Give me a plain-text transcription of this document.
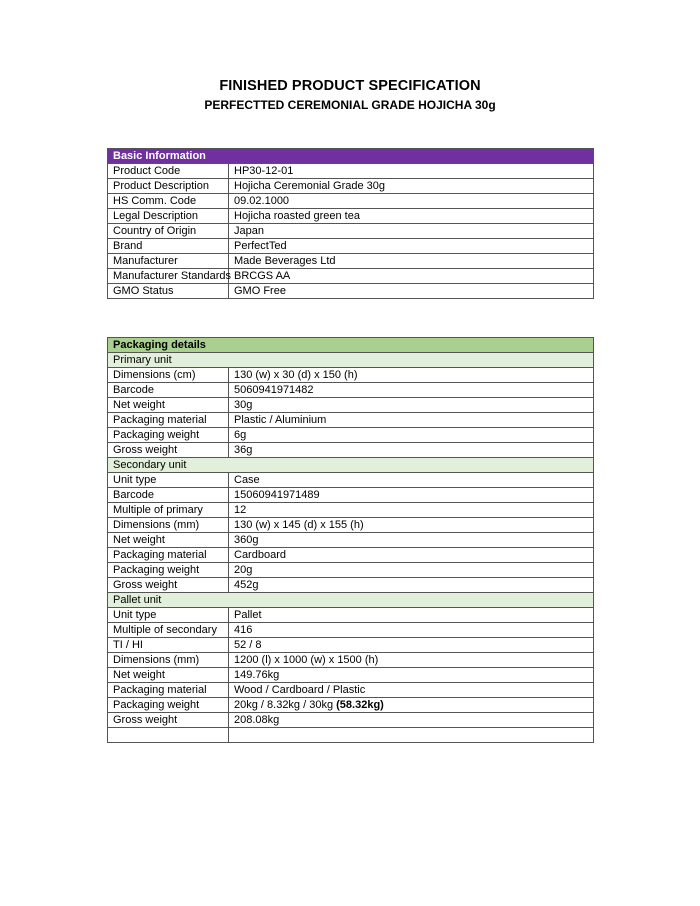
FINISHED PRODUCT SPECIFICATION
PERFECTTED CEREMONIAL GRADE HOJICHA 30g
Basic Information	
Product Code	HP30-12-01
Product Description	Hojicha Ceremonial Grade 30g
HS Comm. Code	09.02.1000
Legal Description	Hojicha roasted green tea
Country of Origin	Japan
Brand	PerfectTed
Manufacturer	Made Beverages Ltd
Manufacturer Standards	BRCGS AA
GMO Status	GMO Free
Packaging details	
Primary unit	
Dimensions (cm)	130 (w) x 30 (d) x 150 (h)
Barcode	5060941971482
Net weight	30g
Packaging material	Plastic / Aluminium
Packaging weight	6g
Gross weight	36g
Secondary unit	
Unit type	Case
Barcode	15060941971489
Multiple of primary	12
Dimensions (mm)	130 (w) x 145 (d) x 155 (h)
Net weight	360g
Packaging material	Cardboard
Packaging weight	20g
Gross weight	452g
Pallet unit	
Unit type	Pallet
Multiple of secondary	416
TI / HI	52 / 8
Dimensions (mm)	1200 (l) x 1000 (w) x 1500 (h)
Net weight	149.76kg
Packaging material	Wood / Cardboard / Plastic
Packaging weight	20kg / 8.32kg / 30kg (58.32kg)
Gross weight	208.08kg
